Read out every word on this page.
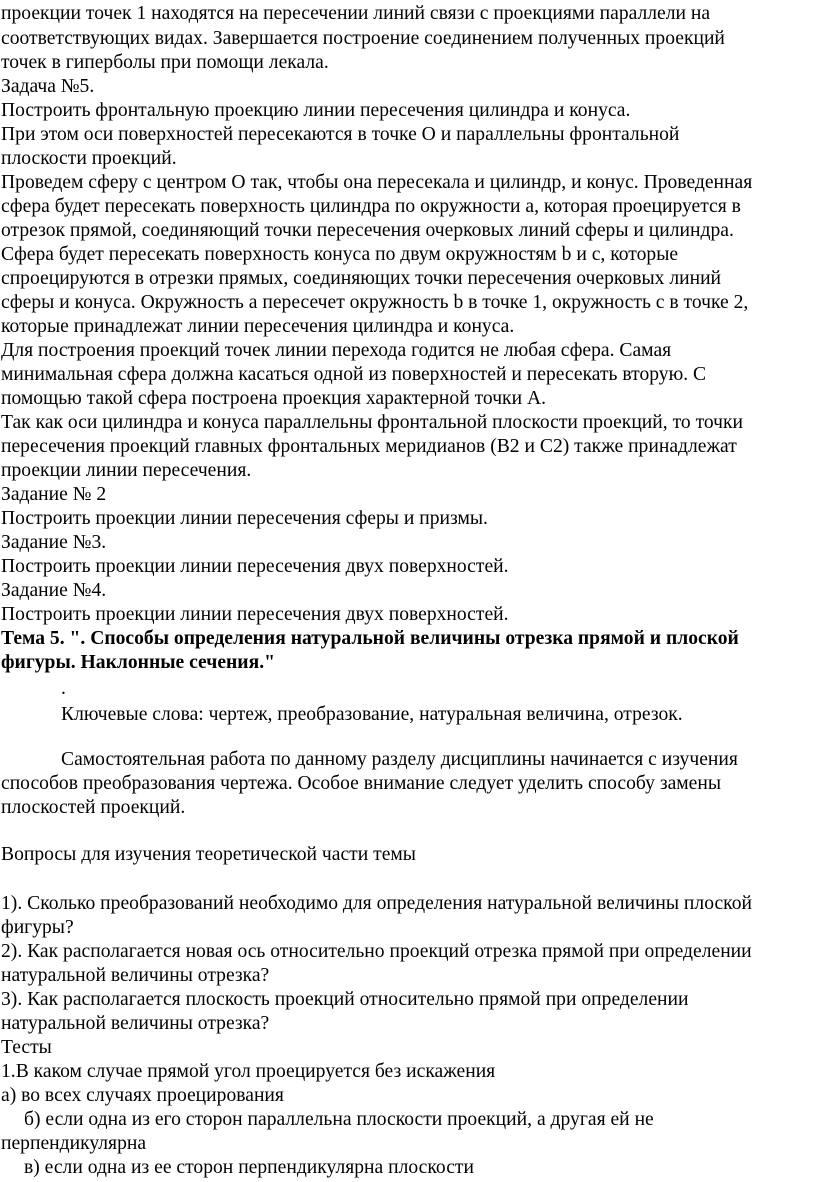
проекции точек 1 находятся на пересечении линий связи с проекциями параллели на
соответствующих видах. Завершается построение соединением полученных проекций
точек в гиперболы при помощи лекала.
Задача №5.
Построить фронтальную проекцию линии пересечения цилиндра и конуса.
При этом оси поверхностей пересекаются в точке О и параллельны фронтальной
плоскости проекций.
Проведем сферу с центром О так, чтобы она пересекала и цилиндр, и конус. Проведенная
сфера будет пересекать поверхность цилиндра по окружности а, которая проецируется в
отрезок прямой, соединяющий точки пересечения очерковых линий сферы и цилиндра.
Сфера будет пересекать поверхность конуса по двум окружностям b и с, которые
спроецируются в отрезки прямых, соединяющих точки пересечения очерковых линий
сферы и конуса. Окружность а пересечет окружность b в точке 1, окружность с в точке 2,
которые принадлежат линии пересечения цилиндра и конуса.
Для построения проекций точек линии перехода годится не любая сфера. Самая
минимальная сфера должна касаться одной из поверхностей и пересекать вторую. С
помощью такой сфера построена проекция характерной точки А.
Так как оси цилиндра и конуса параллельны фронтальной плоскости проекций, то точки
пересечения проекций главных фронтальных меридианов (В2 и С2) также принадлежат
проекции линии пересечения.
Задание № 2
Построить проекции линии пересечения сферы и призмы.
Задание №3.
Построить проекции линии пересечения двух поверхностей.
Задание №4.
Построить проекции линии пересечения двух поверхностей.
Тема 5. ". Способы определения натуральной величины отрезка прямой и плоской
фигуры. Наклонные сечения."
.
Ключевые слова: чертеж, преобразование, натуральная величина, отрезок.
Самостоятельная работа по данному разделу дисциплины начинается с изучения
способов преобразования чертежа. Особое внимание следует уделить способу замены
плоскостей проекций.
Вопросы для изучения теоретической части темы
1). Сколько преобразований необходимо для определения натуральной величины плоской
фигуры?
2). Как располагается новая ось относительно проекций отрезка прямой при определении
натуральной величины отрезка?
3). Как располагается плоскость проекций относительно прямой при определении
натуральной величины отрезка?
Тесты
1.В каком случае прямой угол проецируется без искажения
а) во всех случаях проецирования
б) если одна из его сторон параллельна плоскости проекций, а другая ей не
перпендикулярна
в) если одна из ее сторон перпендикулярна плоскости
